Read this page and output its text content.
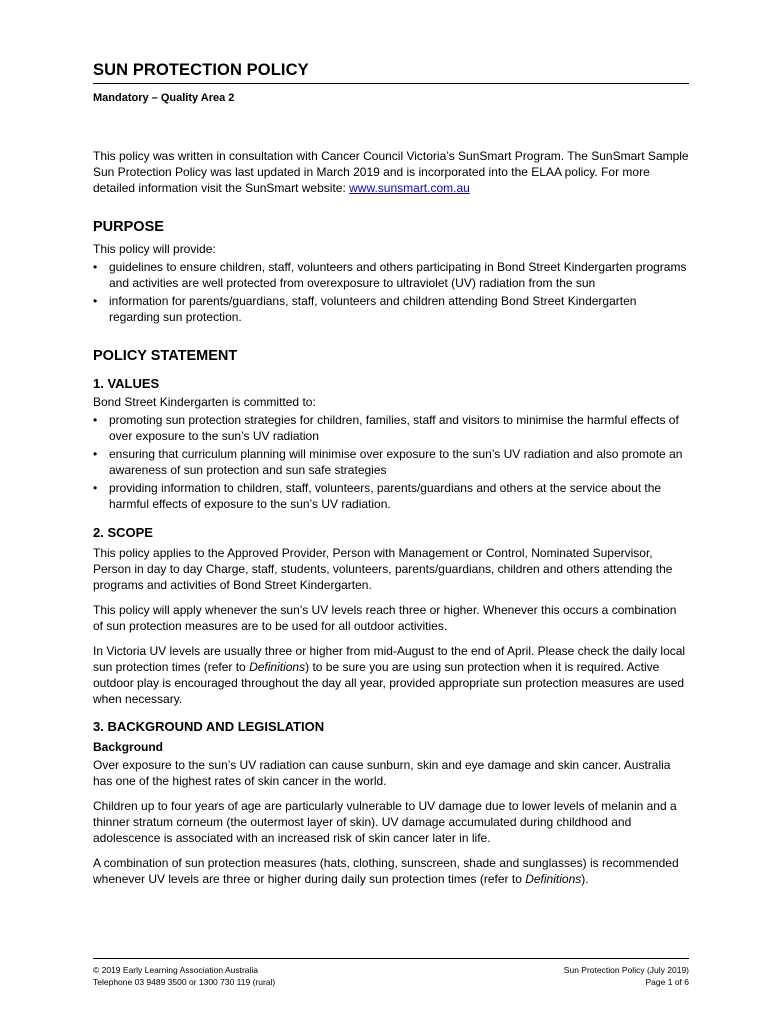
SUN PROTECTION POLICY
Mandatory – Quality Area 2

This policy was written in consultation with Cancer Council Victoria’s SunSmart Program. The SunSmart Sample Sun Protection Policy was last updated in March 2019 and is incorporated into the ELAA policy. For more detailed information visit the SunSmart website: www.sunsmart.com.au

PURPOSE

This policy will provide:

• guidelines to ensure children, staff, volunteers and others participating in Bond Street Kindergarten programs and activities are well protected from overexposure to ultraviolet (UV) radiation from the sun
• information for parents/guardians, staff, volunteers and children attending Bond Street Kindergarten regarding sun protection.
POLICY STATEMENT
1. VALUES

Bond Street Kindergarten is committed to:

• promoting sun protection strategies for children, families, staff and visitors to minimise the harmful effects of over exposure to the sun’s UV radiation
• ensuring that curriculum planning will minimise over exposure to the sun’s UV radiation and also promote an awareness of sun protection and sun safe strategies
• providing information to children, staff, volunteers, parents/guardians and others at the service about the harmful effects of exposure to the sun’s UV radiation.
2. SCOPE

This policy applies to the Approved Provider, Person with Management or Control, Nominated Supervisor, Person in day to day Charge, staff, students, volunteers, parents/guardians, children and others attending the programs and activities of Bond Street Kindergarten.

This policy will apply whenever the sun’s UV levels reach three or higher. Whenever this occurs a combination of sun protection measures are to be used for all outdoor activities.

In Victoria UV levels are usually three or higher from mid-August to the end of April. Please check the daily local sun protection times (refer to Definitions) to be sure you are using sun protection when it is required. Active outdoor play is encouraged throughout the day all year, provided appropriate sun protection measures are used when necessary.

3. BACKGROUND AND LEGISLATION
Background

Over exposure to the sun’s UV radiation can cause sunburn, skin and eye damage and skin cancer. Australia has one of the highest rates of skin cancer in the world.

Children up to four years of age are particularly vulnerable to UV damage due to lower levels of melanin and a thinner stratum corneum (the outermost layer of skin). UV damage accumulated during childhood and adolescence is associated with an increased risk of skin cancer later in life.

A combination of sun protection measures (hats, clothing, sunscreen, shade and sunglasses) is recommended whenever UV levels are three or higher during daily sun protection times (refer to Definitions).

© 2019 Early Learning Association Australia
Telephone 03 9489 3500 or 1300 730 119 (rural)
Sun Protection Policy (July 2019)
Page 1 of 6
